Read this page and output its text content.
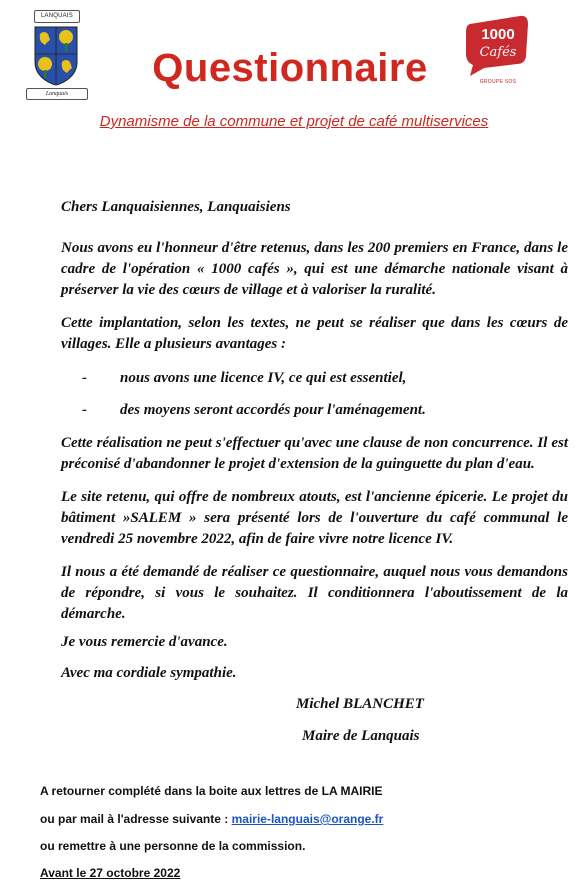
LANQUAIS
Lanquais
1000
Cafés
GROUPE SOS
Questionnaire
Dynamisme de la commune et projet de café multiservices
Chers Lanquaisiennes, Lanquaisiens
Nous avons eu l'honneur d'être retenus, dans les 200 premiers en France, dans le cadre de l'opération « 1000 cafés », qui est une démarche nationale visant à préserver la vie des cœurs de village et à valoriser la ruralité.
Cette implantation, selon les textes, ne peut se réaliser que dans les cœurs de villages. Elle a plusieurs avantages :
- nous avons une licence IV, ce qui est essentiel,
- des moyens seront accordés pour l'aménagement.
Cette réalisation ne peut s'effectuer qu'avec une clause de non concurrence. Il est préconisé d'abandonner le projet d'extension de la guinguette du plan d'eau.
Le site retenu, qui offre de nombreux atouts, est l'ancienne épicerie. Le projet du bâtiment »SALEM » sera présenté lors de l'ouverture du café communal le vendredi 25 novembre 2022, afin de faire vivre notre licence IV.
Il nous a été demandé de réaliser ce questionnaire, auquel nous vous demandons de répondre, si vous le souhaitez. Il conditionnera l'aboutissement de la démarche.
Je vous remercie d'avance.
Avec ma cordiale sympathie.
Michel BLANCHET
Maire de Lanquais
A retourner complété dans la boite aux lettres de LA MAIRIE
ou par mail à l'adresse suivante : mairie-languais@orange.fr
ou remettre à une personne de la commission.
Avant le 27 octobre 2022
